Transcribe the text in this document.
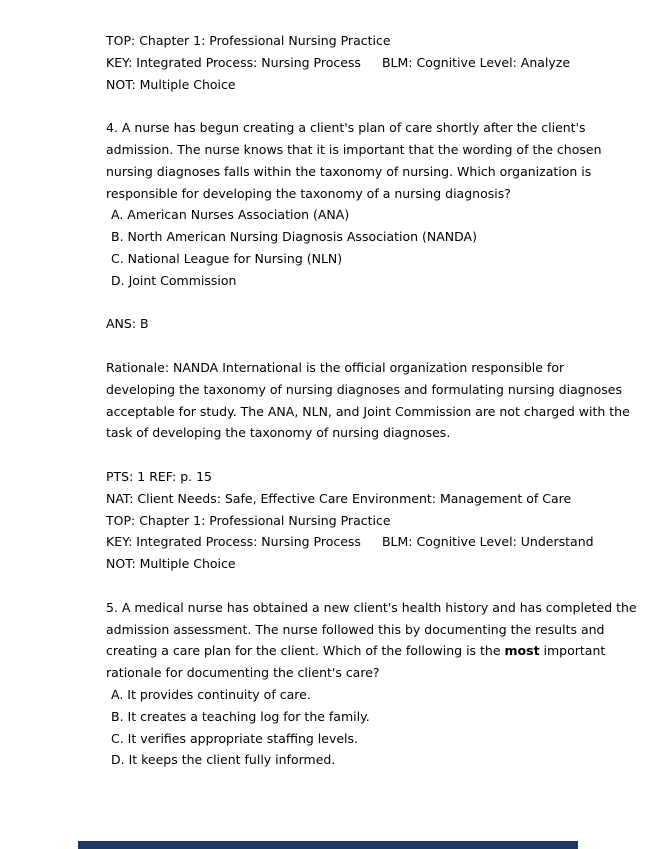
TOP: Chapter 1: Professional Nursing Practice
KEY: Integrated Process: Nursing Process BLM: Cognitive Level: Analyze
NOT: Multiple Choice
4. A nurse has begun creating a client's plan of care shortly after the client's
admission. The nurse knows that it is important that the wording of the chosen
nursing diagnoses falls within the taxonomy of nursing. Which organization is
responsible for developing the taxonomy of a nursing diagnosis?
A. American Nurses Association (ANA)
B. North American Nursing Diagnosis Association (NANDA)
C. National League for Nursing (NLN)
D. Joint Commission
ANS: B
Rationale: NANDA International is the official organization responsible for
developing the taxonomy of nursing diagnoses and formulating nursing diagnoses
acceptable for study. The ANA, NLN, and Joint Commission are not charged with the
task of developing the taxonomy of nursing diagnoses.
PTS: 1 REF: p. 15
NAT: Client Needs: Safe, Effective Care Environment: Management of Care
TOP: Chapter 1: Professional Nursing Practice
KEY: Integrated Process: Nursing Process BLM: Cognitive Level: Understand
NOT: Multiple Choice
5. A medical nurse has obtained a new client's health history and has completed the
admission assessment. The nurse followed this by documenting the results and
creating a care plan for the client. Which of the following is the most important
rationale for documenting the client's care?
A. It provides continuity of care.
B. It creates a teaching log for the family.
C. It verifies appropriate staffing levels.
D. It keeps the client fully informed.
